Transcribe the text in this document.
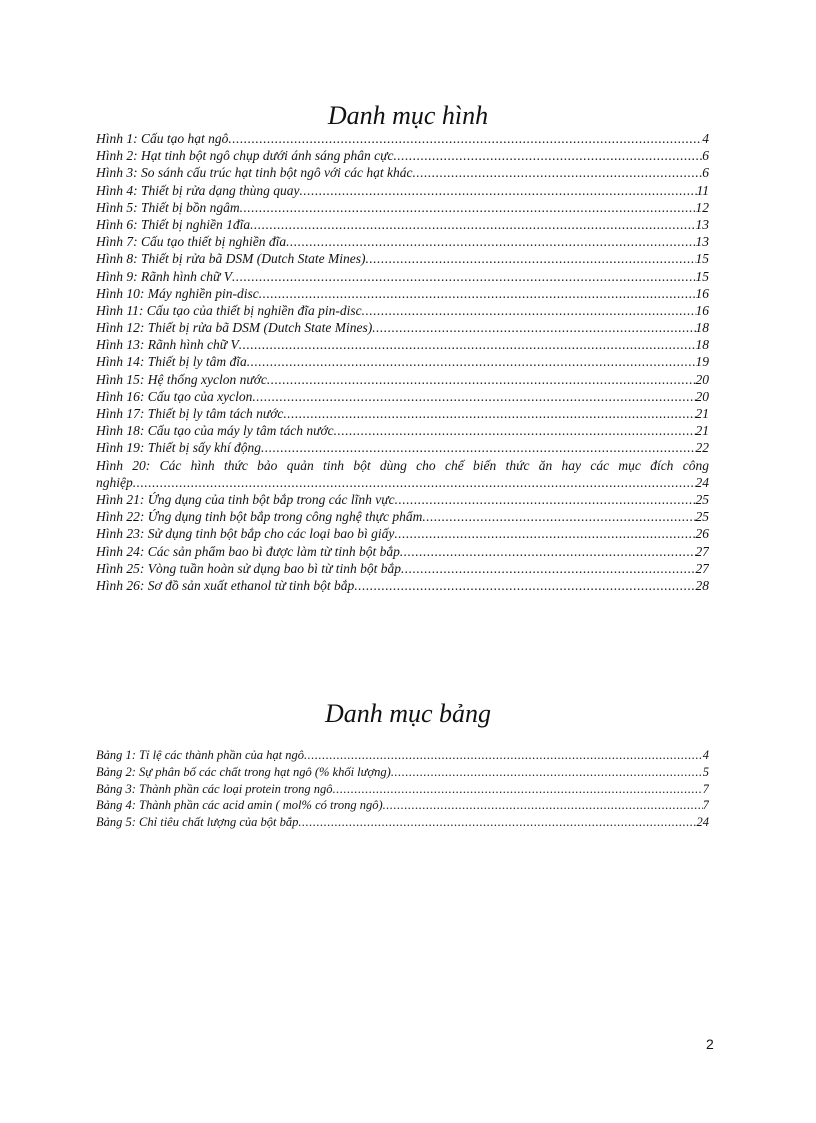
Danh mục hình
Hình 1: Cấu tạo hạt ngô .....	4
Hình 2: Hạt tinh bột ngô chụp dưới ánh sáng phân cực .....	6
Hình 3: So sánh cấu trúc hạt tinh bột ngô với các hạt khác .....	6
Hình 4: Thiết bị rửa dạng thùng quay .....	11
Hình 5: Thiết bị bồn ngâm .....	12
Hình 6: Thiết bị nghiền 1đĩa .....	13
Hình 7: Cấu tạo thiết bị nghiền đĩa .....	13
Hình 8: Thiết bị rửa bã DSM (Dutch State Mines) .....	15
Hình 9: Rãnh hình chữ V .....	15
Hình 10: Máy nghiền pin-disc .....	16
Hình 11: Cấu tạo của thiết bị nghiền đĩa pin-disc .....	16
Hình 12: Thiết bị rửa bã DSM (Dutch State Mines) .....	18
Hình 13: Rãnh hình chữ V .....	18
Hình 14: Thiết bị ly tâm đĩa .....	19
Hình 15: Hệ thống xyclon nước .....	20
Hình 16: Cấu tạo của xyclon .....	20
Hình 17: Thiết bị ly tâm tách nước .....	21
Hình 18: Cấu tạo của máy ly tâm tách nước .....	21
Hình 19: Thiết bị sấy khí động .....	22
Hình 20: Các hình thức bảo quản tinh bột dùng cho chế biến thức ăn hay các mục đích công
nghiệp .....	24
Hình 21: Ứng dụng của tinh bột bắp trong các lĩnh vực .....	25
Hình 22: Ứng dụng tinh bột bắp trong công nghệ thực phẩm .....	25
Hình 23: Sử dụng tinh bột bắp cho các loại bao bì giấy .....	26
Hình 24: Các sản phẩm bao bì được làm từ tinh bột bắp .....	27
Hình 25: Vòng tuần hoàn sử dụng bao bì từ tinh bột bắp .....	27
Hình 26: Sơ đồ sản xuất ethanol từ tinh bột bắp .....	28
Danh mục bảng
Bảng 1: Tỉ lệ các thành phần của hạt ngô .....	4
Bảng 2: Sự phân bố các chất trong hạt ngô (% khối lượng) .....	5
Bảng 3: Thành phần các loại protein trong ngô .....	7
Bảng 4: Thành phần các acid amin ( mol% có trong ngô) .....	7
Bảng 5: Chỉ tiêu chất lượng của bột bắp .....	24
2
